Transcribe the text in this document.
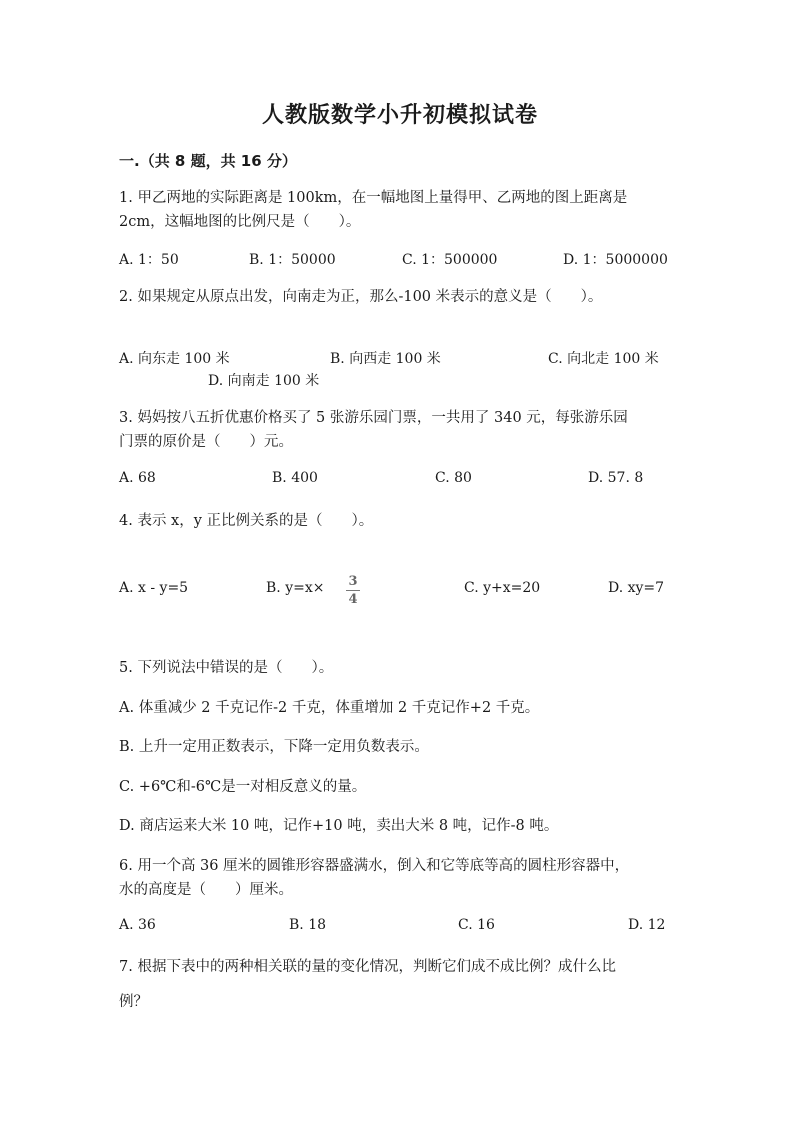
人教版数学小升初模拟试卷
一.（共 8 题，共 16 分）
1. 甲乙两地的实际距离是 100km，在一幅地图上量得甲、乙两地的图上距离是
2cm，这幅地图的比例尺是（　　）。
A. 1：50	B. 1：50000	C. 1：500000	D. 1：5000000
2. 如果规定从原点出发，向南走为正，那么-100 米表示的意义是（　　）。
A. 向东走 100 米	B. 向西走 100 米	C. 向北走 100 米
D. 向南走 100 米
3. 妈妈按八五折优惠价格买了 5 张游乐园门票，一共用了 340 元，每张游乐园
门票的原价是（　　）元。
A. 68	B. 400	C. 80	D. 57. 8
4. 表示 x，y 正比例关系的是（　　）。
A. x - y=5	B. y=x× 3
4
C. y+x=20	D. xy=7
5. 下列说法中错误的是（　　）。
A. 体重减少 2 千克记作-2 千克，体重增加 2 千克记作+2 千克。
B. 上升一定用正数表示，下降一定用负数表示。
C. +6℃和-6℃是一对相反意义的量。
D. 商店运来大米 10 吨，记作+10 吨，卖出大米 8 吨，记作-8 吨。
6. 用一个高 36 厘米的圆锥形容器盛满水，倒入和它等底等高的圆柱形容器中，
水的高度是（　　）厘米。
A. 36	B. 18	C. 16	D. 12
7. 根据下表中的两种相关联的量的变化情况，判断它们成不成比例？成什么比
例？
